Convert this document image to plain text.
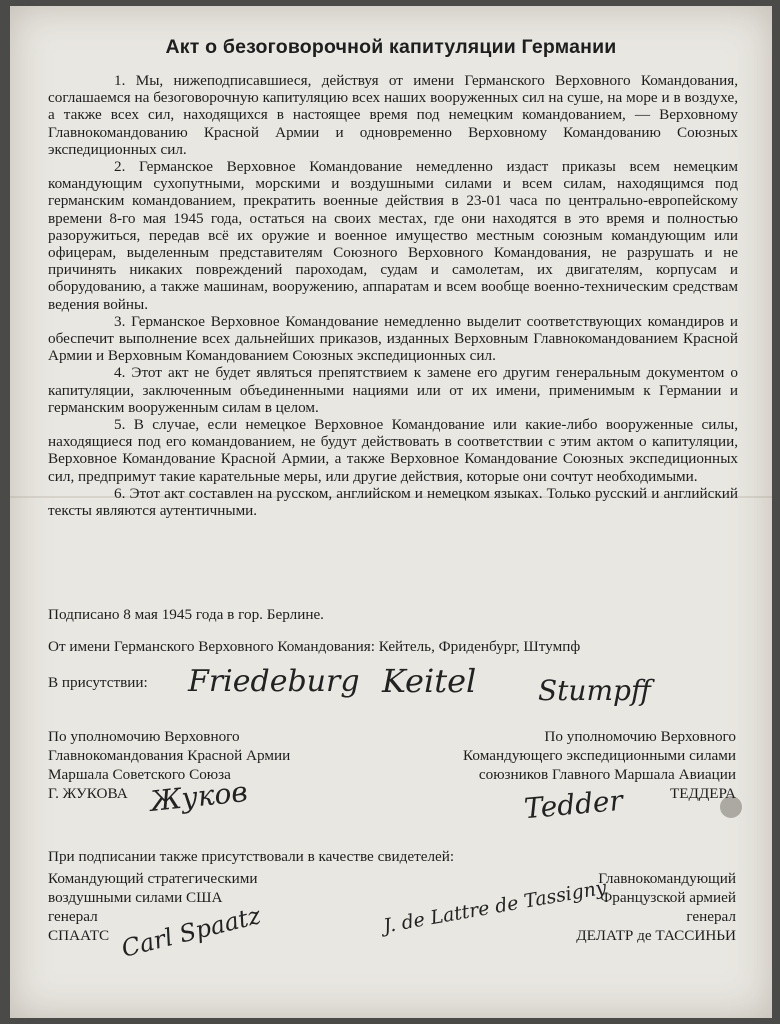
Акт о безоговорочной капитуляции Германии

1. Мы, нижеподписавшиеся, действуя от имени Германского Верховного Командования, соглашаемся на безоговорочную капитуляцию всех наших вооруженных сил на суше, на море и в воздухе, а также всех сил, находящихся в настоящее время под немецким командованием, — Верховному Главнокомандованию Красной Армии и одновременно Верховному Командованию Союзных экспедиционных сил.

2. Германское Верховное Командование немедленно издаст приказы всем немецким командующим сухопутными, морскими и воздушными силами и всем силам, находящимся под германским командованием, прекратить военные действия в 23-01 часа по центрально-европейскому времени 8-го мая 1945 года, остаться на своих местах, где они находятся в это время и полностью разоружиться, передав всё их оружие и военное имущество местным союзным командующим или офицерам, выделенным представителям Союзного Верховного Командования, не разрушать и не причинять никаких повреждений пароходам, судам и самолетам, их двигателям, корпусам и оборудованию, а также машинам, вооружению, аппаратам и всем вообще военно-техническим средствам ведения войны.

3. Германское Верховное Командование немедленно выделит соответствующих командиров и обеспечит выполнение всех дальнейших приказов, изданных Верховным Главнокомандованием Красной Армии и Верховным Командованием Союзных экспедиционных сил.

4. Этот акт не будет являться препятствием к замене его другим генеральным документом о капитуляции, заключенным объединенными нациями или от их имени, применимым к Германии и германским вооруженным силам в целом.

5. В случае, если немецкое Верховное Командование или какие-либо вооруженные силы, находящиеся под его командованием, не будут действовать в соответствии с этим актом о капитуляции, Верховное Командование Красной Армии, а также Верховное Командование Союзных экспедиционных сил, предпримут такие карательные меры, или другие действия, которые они сочтут необходимыми.

6. Этот акт составлен на русском, английском и немецком языках. Только русский и английский тексты являются аутентичными.

Подписано 8 мая 1945 года в гор. Берлине.
От имени Германского Верховного Командования: Кейтель, Фриденбург, Штумпф
В присутствии: Friedeburg Keitel Stumpff
По уполномочию Верховного
Главнокомандования Красной Армии
Маршала Советского Союза
Г. ЖУКОВА Жуков
По уполномочию Верховного
Командующего экспедиционными силами
союзников Главного Маршала Авиации
ТЕДДЕРА
Tedder
При подписании также присутствовали в качестве свидетелей:
Командующий стратегическими
воздушными силами США
генерал
СПААТС Carl Spaatz
Главнокомандующий
Французской армией
генерал
ДЕЛАТР де ТАССИНЬИ
J. de Lattre de Tassigny
